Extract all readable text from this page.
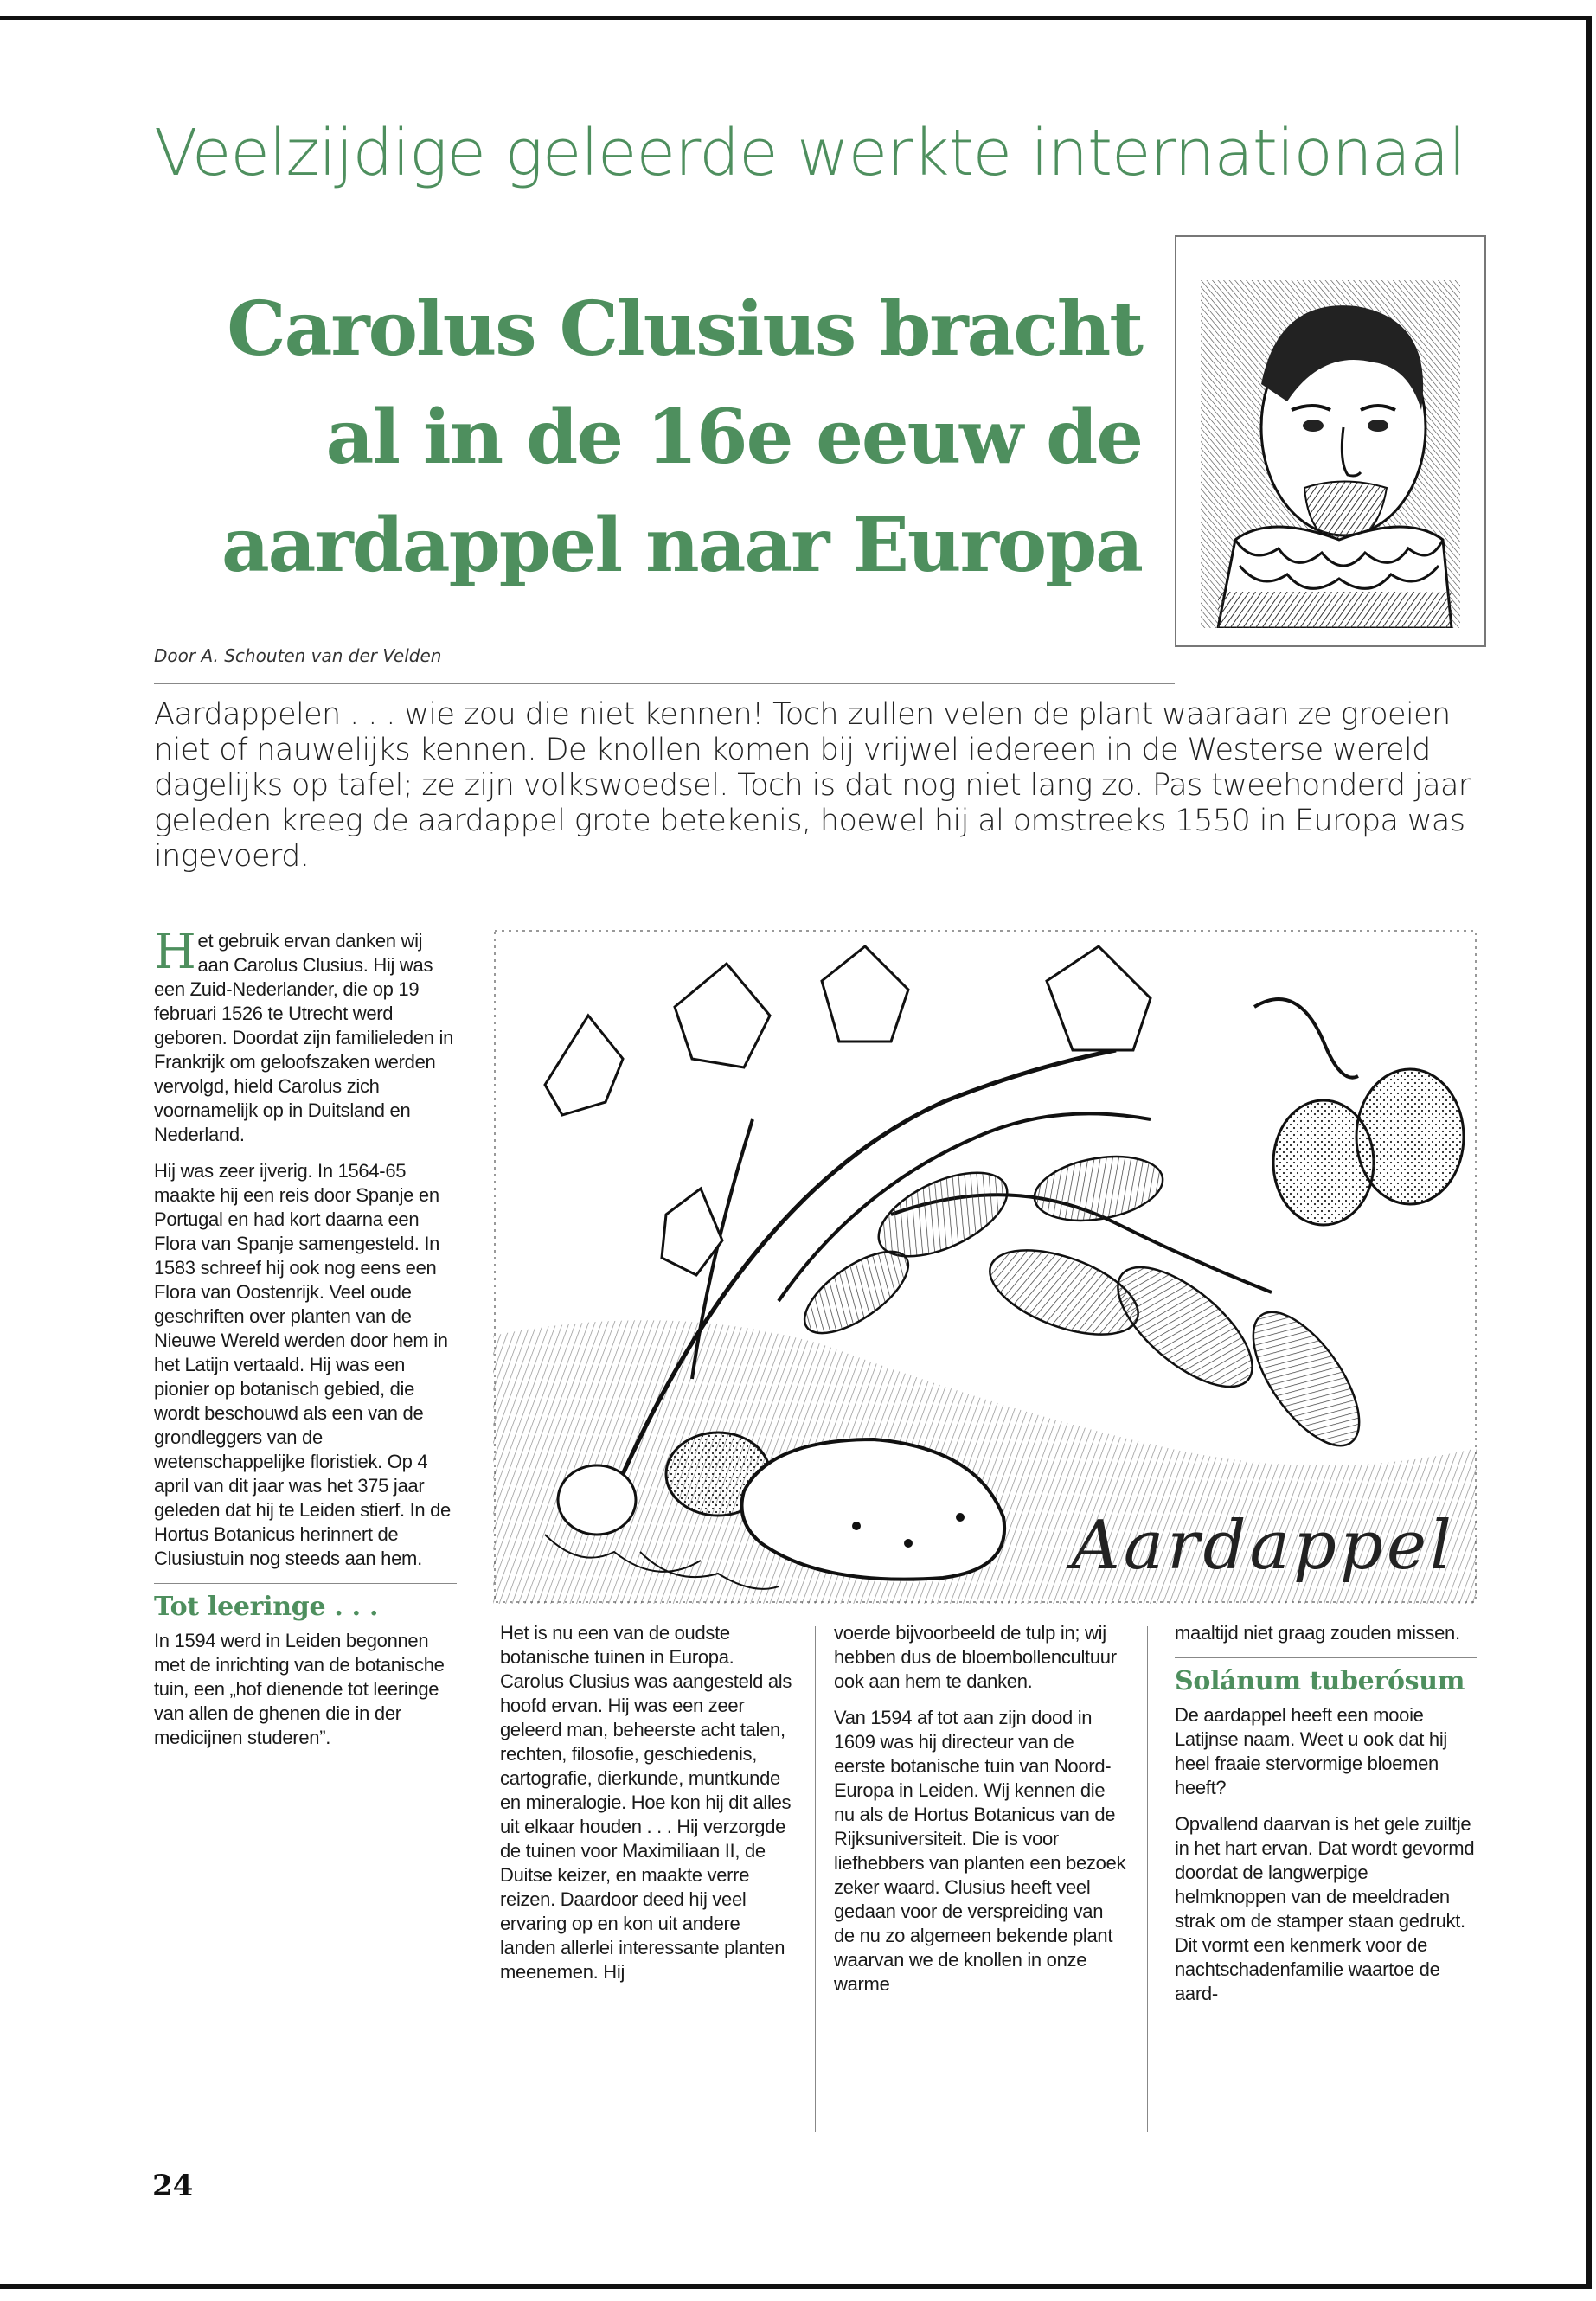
Veelzijdige geleerde werkte internationaal
Carolus Clusius bracht
al in de 16e eeuw de
aardappel naar Europa

Door A. Schouten van der Velden

Aardappelen . . . wie zou die niet kennen! Toch zullen velen de plant waaraan ze groeien niet of nauwelijks kennen. De knollen komen bij vrijwel iedereen in de Westerse wereld dagelijks op tafel; ze zijn volkswoedsel. Toch is dat nog niet lang zo. Pas tweehonderd jaar geleden kreeg de aardappel grote betekenis, hoewel hij al omstreeks 1550 in Europa was ingevoerd.

Het gebruik ervan danken wij aan Carolus Clusius. Hij was een Zuid-Nederlander, die op 19 februari 1526 te Utrecht werd geboren. Doordat zijn familieleden in Frankrijk om geloofszaken werden vervolgd, hield Carolus zich voornamelijk op in Duitsland en Nederland.

Hij was zeer ijverig. In 1564-65 maakte hij een reis door Spanje en Portugal en had kort daarna een Flora van Spanje samengesteld. In 1583 schreef hij ook nog eens een Flora van Oostenrijk. Veel oude geschriften over planten van de Nieuwe Wereld werden door hem in het Latijn vertaald. Hij was een pionier op botanisch gebied, die wordt beschouwd als een van de grondleggers van de wetenschappelijke floristiek. Op 4 april van dit jaar was het 375 jaar geleden dat hij te Leiden stierf. In de Hortus Botanicus herinnert de Clusiustuin nog steeds aan hem.

Tot leeringe . . .

In 1594 werd in Leiden begonnen met de inrichting van de botanische tuin, een „hof dienende tot leeringe van allen de ghenen die in der medicijnen studeren”.

Aardappel

Het is nu een van de oudste botanische tuinen in Europa. Carolus Clusius was aangesteld als hoofd ervan. Hij was een zeer geleerd man, beheerste acht talen, rechten, filosofie, geschiedenis, cartografie, dierkunde, muntkunde en mineralogie. Hoe kon hij dit alles uit elkaar houden . . . Hij verzorgde de tuinen voor Maximiliaan II, de Duitse keizer, en maakte verre reizen. Daardoor deed hij veel ervaring op en kon uit andere landen allerlei interessante planten meenemen. Hij

voerde bijvoorbeeld de tulp in; wij hebben dus de bloembollencultuur ook aan hem te danken.

Van 1594 af tot aan zijn dood in 1609 was hij directeur van de eerste botanische tuin van Noord-Europa in Leiden. Wij kennen die nu als de Hortus Botanicus van de Rijksuniversiteit. Die is voor liefhebbers van planten een bezoek zeker waard. Clusius heeft veel gedaan voor de verspreiding van de nu zo algemeen bekende plant waarvan we de knollen in onze warme

maaltijd niet graag zouden missen.

Solánum tuberósum

De aardappel heeft een mooie Latijnse naam. Weet u ook dat hij heel fraaie stervormige bloemen heeft?

Opvallend daarvan is het gele zuiltje in het hart ervan. Dat wordt gevormd doordat de langwerpige helmknoppen van de meeldraden strak om de stamper staan gedrukt. Dit vormt een kenmerk voor de nachtschadenfamilie waartoe de aard-

24
